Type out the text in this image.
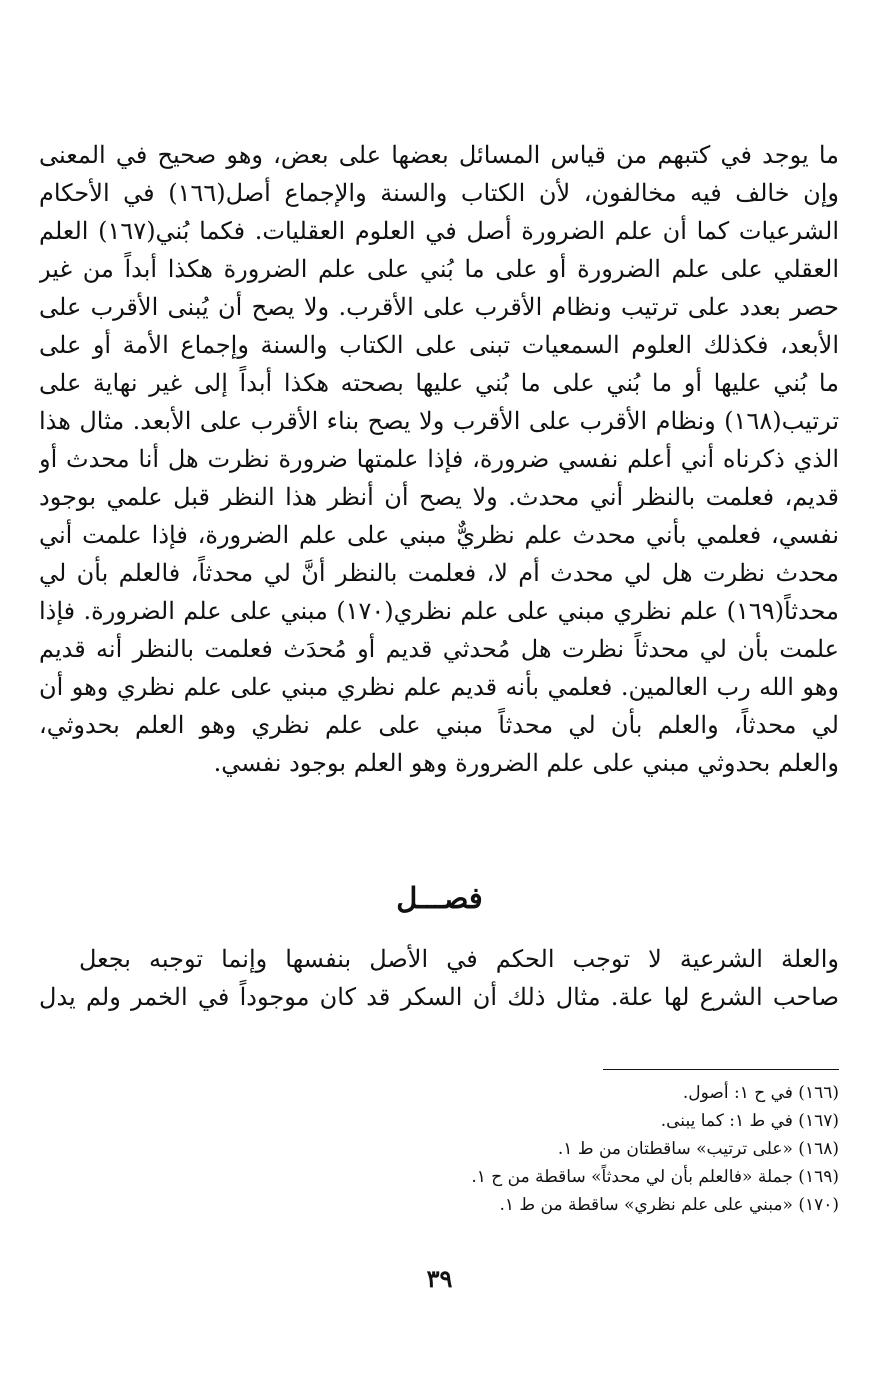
ما يوجد في كتبهم من قياس المسائل بعضها على بعض، وهو صحيح في المعنى
وإن خالف فيه مخالفون، لأن الكتاب والسنة والإجماع أصل(١٦٦) في الأحكام
الشرعيات كما أن علم الضرورة أصل في العلوم العقليات. فكما بُني(١٦٧) العلم
العقلي على علم الضرورة أو على ما بُني على علم الضرورة هكذا أبداً من غير
حصر بعدد على ترتيب ونظام الأقرب على الأقرب. ولا يصح أن يُبنى الأقرب على
الأبعد، فكذلك العلوم السمعيات تبنى على الكتاب والسنة وإجماع الأمة أو على
ما بُني عليها أو ما بُني على ما بُني عليها بصحته هكذا أبداً إلى غير نهاية على
ترتيب(١٦٨) ونظام الأقرب على الأقرب ولا يصح بناء الأقرب على الأبعد. مثال هذا
الذي ذكرناه أني أعلم نفسي ضرورة، فإذا علمتها ضرورة نظرت هل أنا محدث أو
قديم، فعلمت بالنظر أني محدث. ولا يصح أن أنظر هذا النظر قبل علمي بوجود
نفسي، فعلمي بأني محدث علم نظريٌّ مبني على علم الضرورة، فإذا علمت أني
محدث نظرت هل لي محدث أم لا، فعلمت بالنظر أنَّ لي محدثاً، فالعلم بأن لي
محدثاً(١٦٩) علم نظري مبني على علم نظري(١٧٠) مبني على علم الضرورة. فإذا
علمت بأن لي محدثاً نظرت هل مُحدثي قديم أو مُحدَث فعلمت بالنظر أنه قديم
وهو الله رب العالمين. فعلمي بأنه قديم علم نظري مبني على علم نظري وهو أن
لي محدثاً، والعلم بأن لي محدثاً مبني على علم نظري وهو العلم بحدوثي،
والعلم بحدوثي مبني على علم الضرورة وهو العلم بوجود نفسي.
فصـــل
والعلة الشرعية لا توجب الحكم في الأصل بنفسها وإنما توجبه بجعل
صاحب الشرع لها علة. مثال ذلك أن السكر قد كان موجوداً في الخمر ولم يدل
(١٦٦) في ح ١: أصول.
(١٦٧) في ط ١: كما يبنى.
(١٦٨) «على ترتيب» ساقطتان من ط ١.
(١٦٩) جملة «فالعلم بأن لي محدثاً» ساقطة من ح ١.
(١٧٠) «مبني على علم نظري» ساقطة من ط ١.
٣٩
